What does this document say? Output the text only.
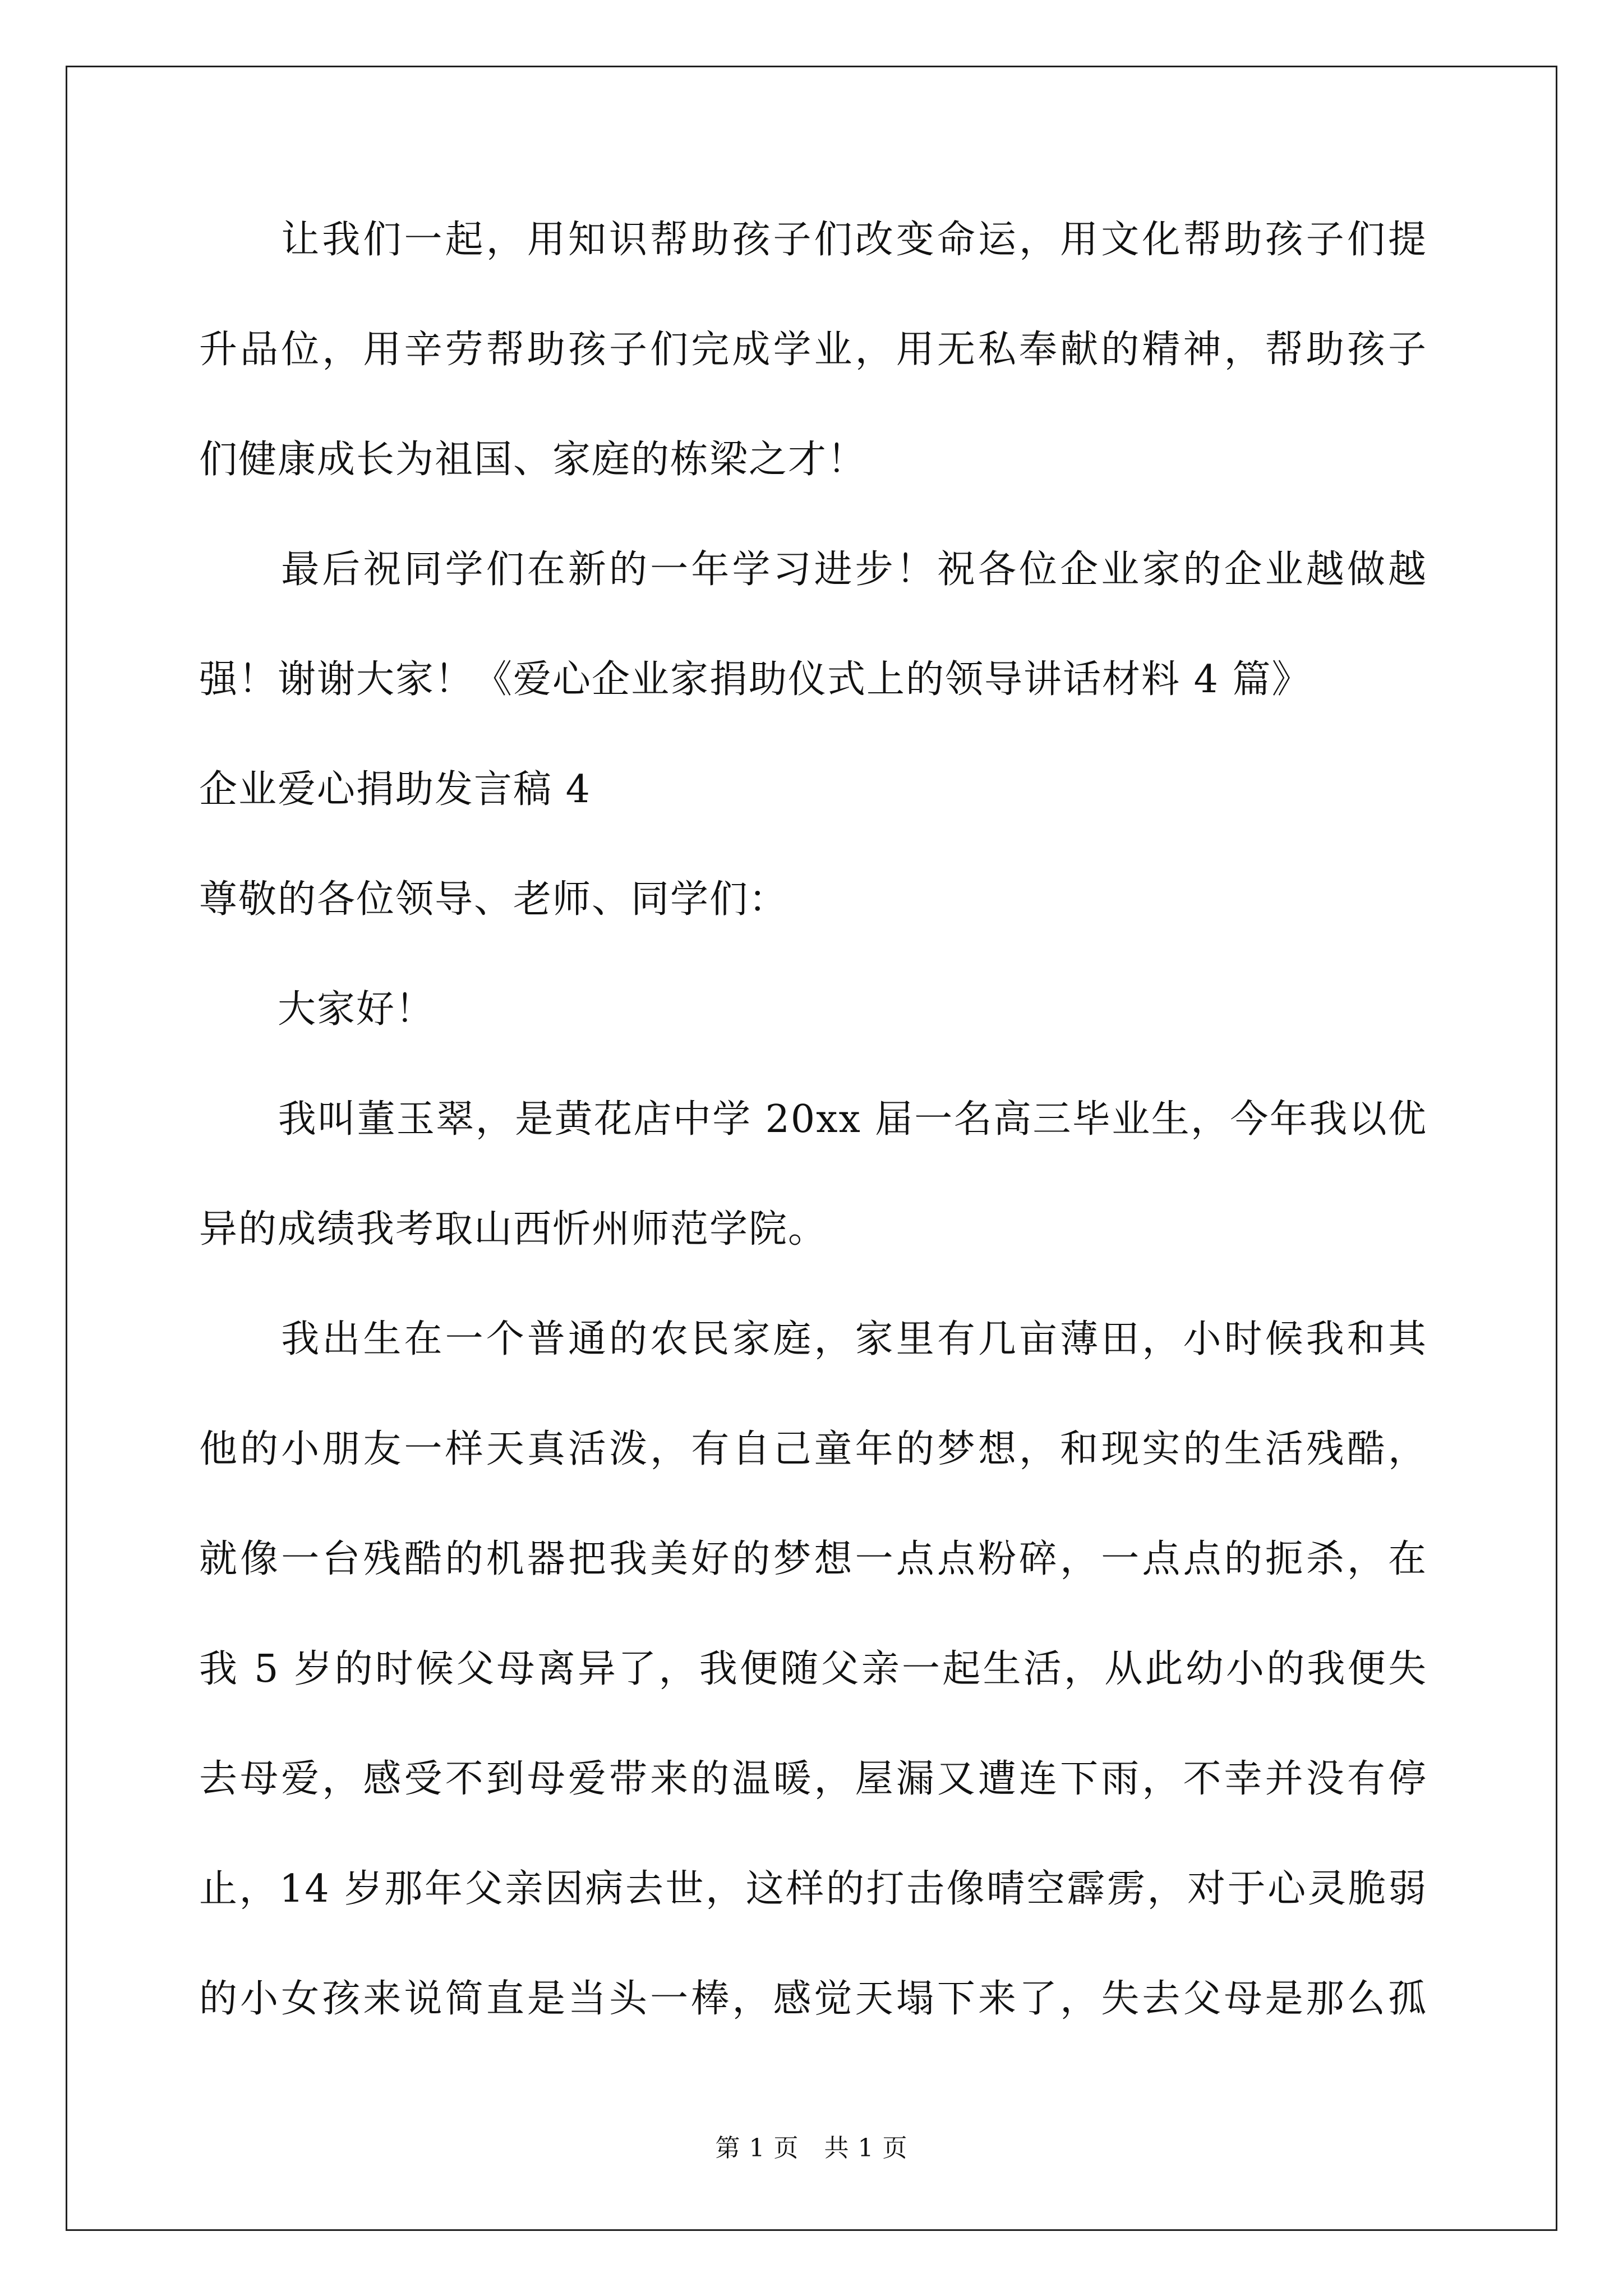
　　让我们一起，用知识帮助孩子们改变命运，用文化帮助孩子们提
升品位，用辛劳帮助孩子们完成学业，用无私奉献的精神，帮助孩子
们健康成长为祖国、家庭的栋梁之才！
　　最后祝同学们在新的一年学习进步！祝各位企业家的企业越做越
强！谢谢大家！《爱心企业家捐助仪式上的领导讲话材料 4 篇》
企业爱心捐助发言稿 4
尊敬的各位领导、老师、同学们：
　　大家好！
　　我叫董玉翠，是黄花店中学 20xx 届一名高三毕业生，今年我以优
异的成绩我考取山西忻州师范学院。
　　我出生在一个普通的农民家庭，家里有几亩薄田，小时候我和其
他的小朋友一样天真活泼，有自己童年的梦想，和现实的生活残酷，
就像一台残酷的机器把我美好的梦想一点点粉碎，一点点的扼杀，在
我 5 岁的时候父母离异了，我便随父亲一起生活，从此幼小的我便失
去母爱，感受不到母爱带来的温暖，屋漏又遭连下雨，不幸并没有停
止，14 岁那年父亲因病去世，这样的打击像晴空霹雳，对于心灵脆弱
的小女孩来说简直是当头一棒，感觉天塌下来了，失去父母是那么孤
第 1 页　共 1 页
